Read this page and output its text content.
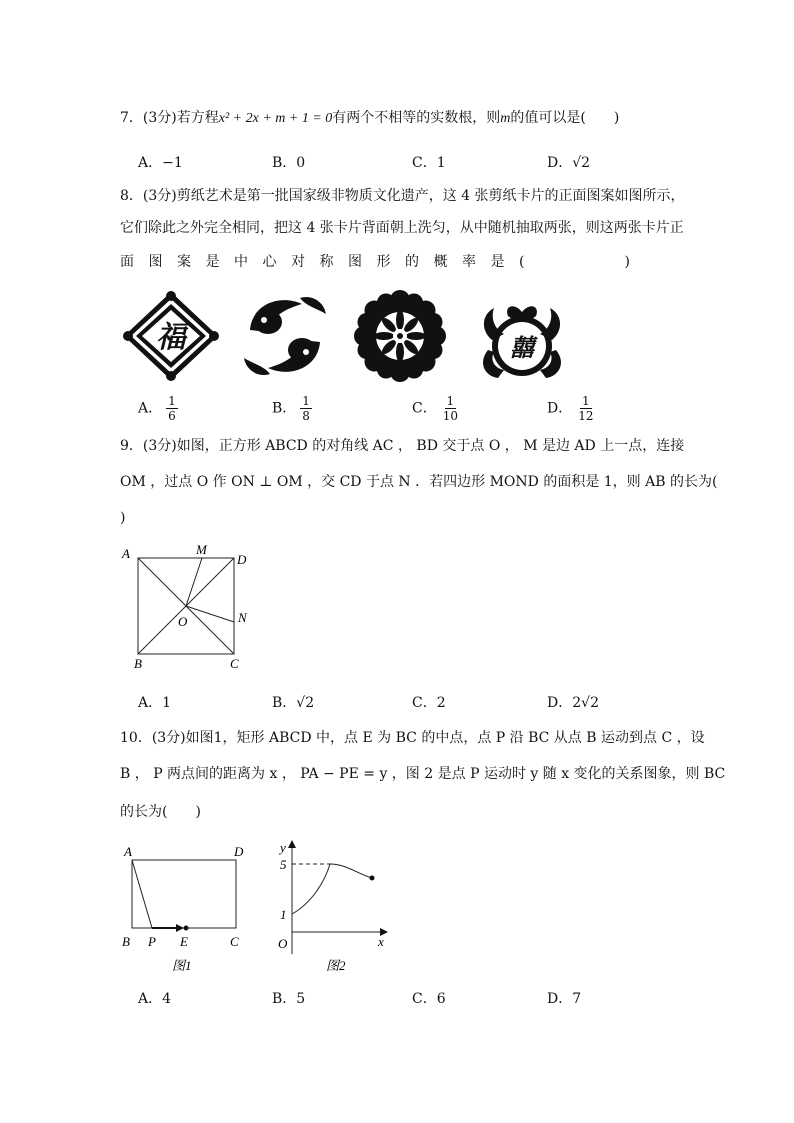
7．(3分)若方程x² + 2x + m + 1 = 0有两个不相等的实数根，则m的值可以是(　　)
A．−1	B．0	C．1	D．√2
8．(3分)剪纸艺术是第一批国家级非物质文化遗产，这 4 张剪纸卡片的正面图案如图所示，
它们除此之外完全相同，把这 4 张卡片背面朝上洗匀，从中随机抽取两张，则这两张卡片正
面图案是中心对称图形的概率是(　　　)
福	囍
A． $\frac{1}{6}$	B． $\frac{1}{8}$	C． $\frac{1}{10}$	D． $\frac{1}{12}$
9．(3分)如图，正方形 ABCD 的对角线 AC ， BD 交于点 O ， M 是边 AD 上一点，连接
OM ，过点 O 作 ON ⊥ OM ，交 CD 于点 N ．若四边形 MOND 的面积是 1，则 AB 的长为(
)
A	M
D
O	N
B	C
A．1	B．√2	C．2	D．2√2
10．(3分)如图1，矩形 ABCD 中，点 E 为 BC 的中点，点 P 沿 BC 从点 B 运动到点 C ，设
B ， P 两点间的距离为 x ， PA − PE = y ，图 2 是点 P 运动时 y 随 x 变化的关系图象，则 BC
的长为(　　)
A	D
B P E	C
图1
y
x
O
5
1
图2
A．4	B．5	C．6	D．7
